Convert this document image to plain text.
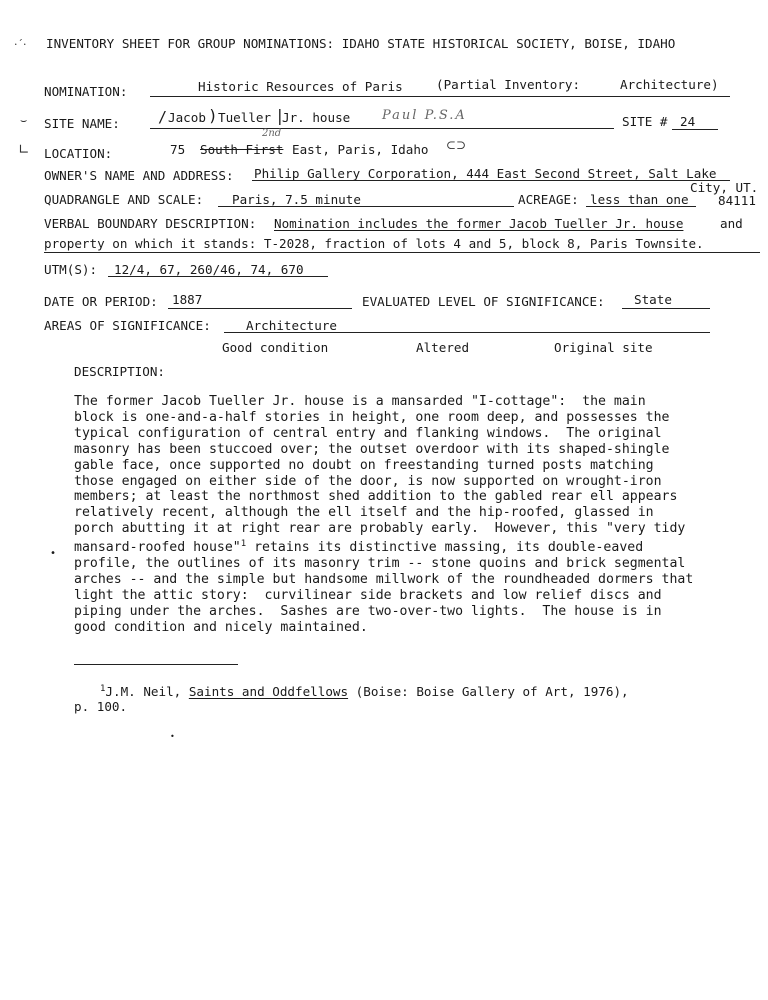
·´· INVENTORY SHEET FOR GROUP NOMINATIONS: IDAHO STATE HISTORICAL SOCIETY, BOISE, IDAHO
NOMINATION:	Historic Resources of Paris	(Partial Inventory:	Architecture)
⌣ SITE NAME:	/ Jacob ) Tueller |
Jr. house Paul P.S.A	SITE # 24
∟ LOCATION:	75 South First
2nd
East, Paris, Idaho ⊂⊃
OWNER'S NAME AND ADDRESS: Philip Gallery Corporation, 444 East Second Street, Salt Lake
City, UT.
84111
QUADRANGLE AND SCALE: Paris, 7.5 minute	ACREAGE: less than one
VERBAL BOUNDARY DESCRIPTION: Nomination includes the former Jacob Tueller Jr. house	and
property on which it stands: T-2028, fraction of lots 4 and 5, block 8, Paris Townsite.
UTM(S): 12/4, 67, 260/46, 74, 670
DATE OR PERIOD: 1887	EVALUATED LEVEL OF SIGNIFICANCE: State
AREAS OF SIGNIFICANCE:	Architecture
Good condition	Altered	Original site
DESCRIPTION:
The former Jacob Tueller Jr. house is a mansarded "I-cottage":  the main
block is one-and-a-half stories in height, one room deep, and possesses the
typical configuration of central entry and flanking windows.  The original
masonry has been stuccoed over; the outset overdoor with its shaped-shingle
gable face, once supported no doubt on freestanding turned posts matching
those engaged on either side of the door, is now supported on wrought-iron
members; at least the northmost shed addition to the gabled rear ell appears
relatively recent, although the ell itself and the hip-roofed, glassed in
porch abutting it at right rear are probably early.  However, this "very tidy
mansard-roofed house"$^1$ retains its distinctive massing, its double-eaved
profile, the outlines of its masonry trim -- stone quoins and brick segmental
arches -- and the simple but handsome millwork of the roundheaded dormers that
light the attic story:  curvilinear side brackets and low relief discs and
piping under the arches.  Sashes are two-over-two lights.  The house is in
good condition and nicely maintained.
•
$^1$J.M. Neil, Saints and Oddfellows (Boise: Boise Gallery of Art, 1976),
p. 100.
•
